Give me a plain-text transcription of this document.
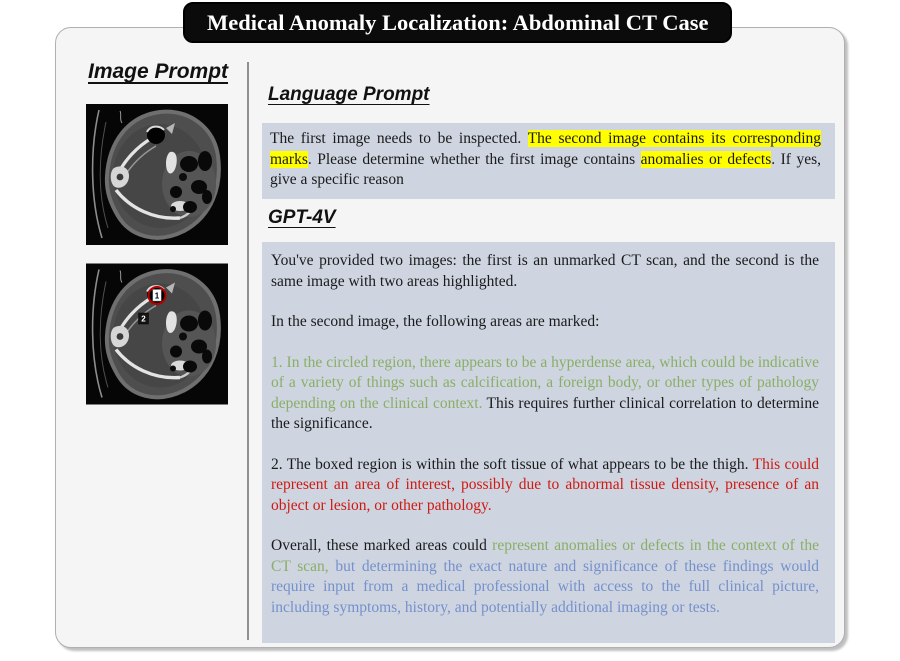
Medical Anomaly Localization: Abdominal CT Case
Image Prompt
Language Prompt
GPT-4V
1
2
The first image needs to be inspected. The second image contains its corresponding marks. Please determine whether the first image contains anomalies or defects. If yes, give a specific reason

You've provided two images: the first is an unmarked CT scan, and the second is the same image with two areas highlighted.

In the second image, the following areas are marked:

1. In the circled region, there appears to be a hyperdense area, which could be indicative of a variety of things such as calcification, a foreign body, or other types of pathology depending on the clinical context. This requires further clinical correlation to determine the significance.

2. The boxed region is within the soft tissue of what appears to be the thigh. This could represent an area of interest, possibly due to abnormal tissue density, presence of an object or lesion, or other pathology.

Overall, these marked areas could represent anomalies or defects in the context of the CT scan, but determining the exact nature and significance of these findings would require input from a medical professional with access to the full clinical picture, including symptoms, history, and potentially additional imaging or tests.
